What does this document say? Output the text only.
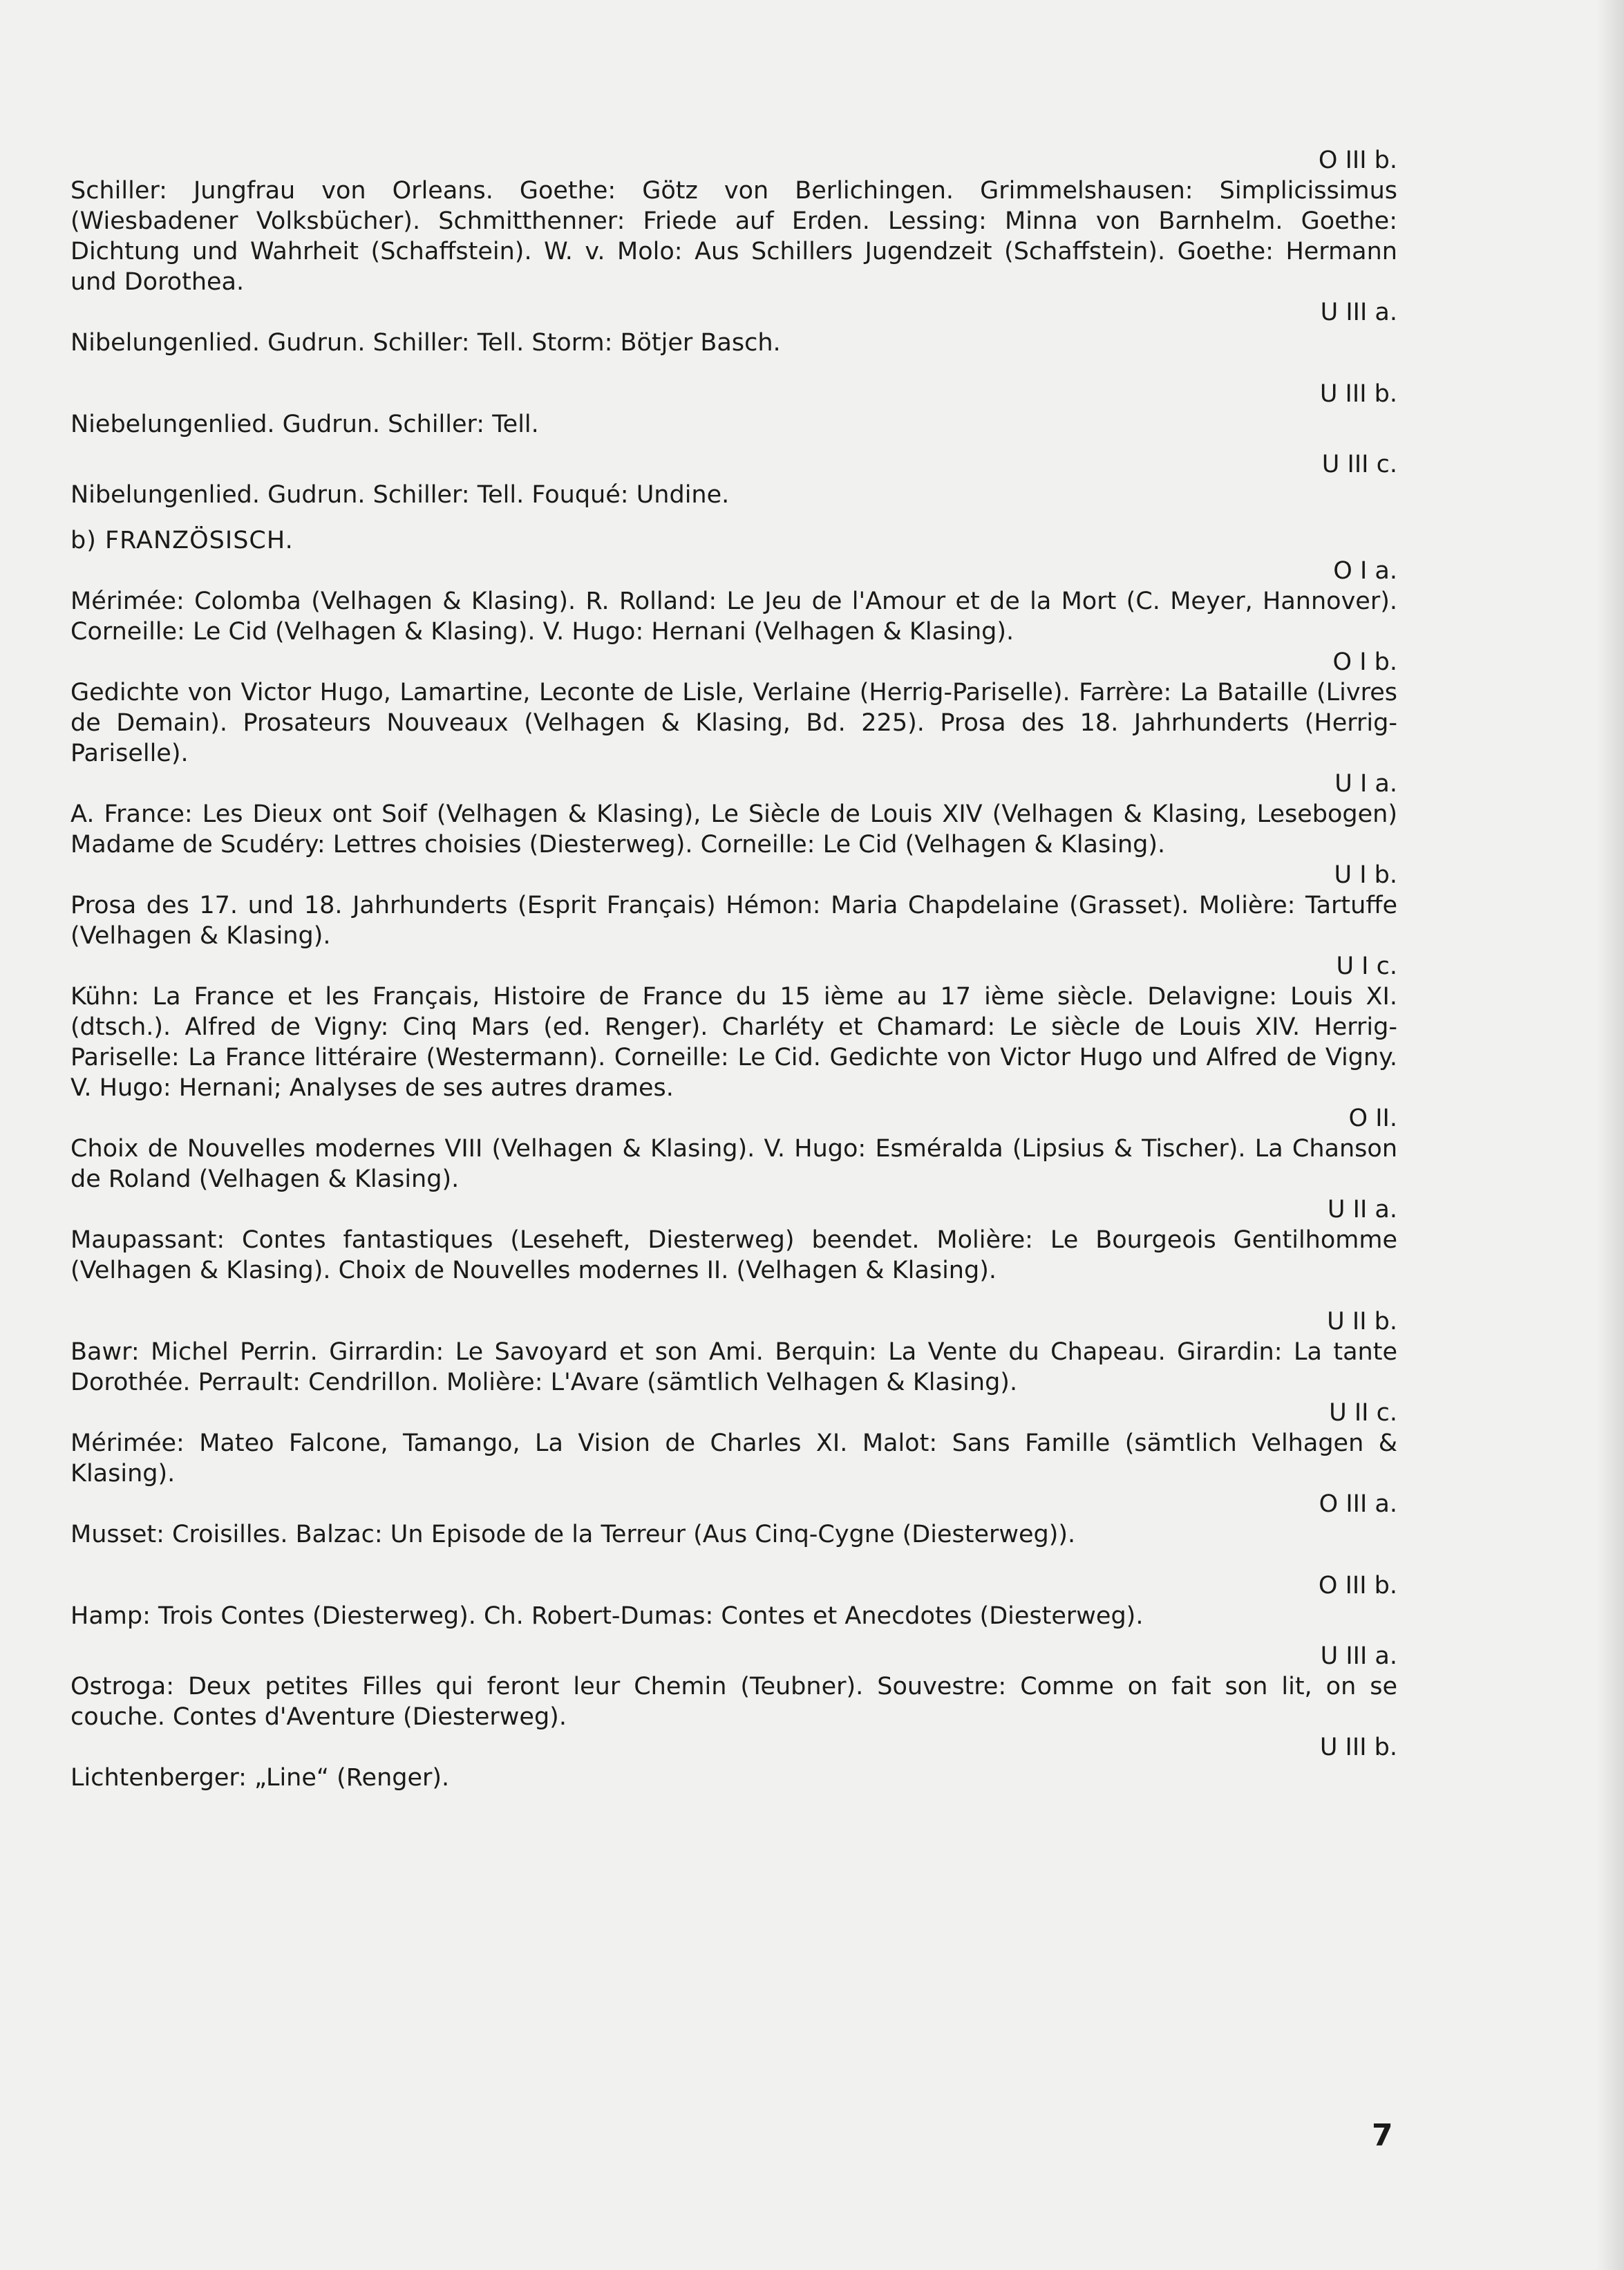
O III b.
Schiller: Jungfrau von Orleans. Goethe: Götz von Berlichingen. Grimmelshausen: Simplicissimus (Wiesbadener Volksbücher). Schmitthenner: Friede auf Erden. Lessing: Minna von Barnhelm. Goethe: Dichtung und Wahrheit (Schaffstein). W. v. Molo: Aus Schillers Jugendzeit (Schaffstein). Goethe: Hermann und Dorothea.
U III a.
Nibelungenlied. Gudrun. Schiller: Tell. Storm: Bötjer Basch.
U III b.
Niebelungenlied. Gudrun. Schiller: Tell.
U III c.
Nibelungenlied. Gudrun. Schiller: Tell. Fouqué: Undine.
b) FRANZÖSISCH.
O I a.
Mérimée: Colomba (Velhagen & Klasing). R. Rolland: Le Jeu de l'Amour et de la Mort (C. Meyer, Hannover). Corneille: Le Cid (Velhagen & Klasing). V. Hugo: Hernani (Velhagen & Klasing).
O I b.
Gedichte von Victor Hugo, Lamartine, Leconte de Lisle, Verlaine (Herrig-Pariselle). Farrère: La Bataille (Livres de Demain). Prosateurs Nouveaux (Velhagen & Klasing, Bd. 225). Prosa des 18. Jahrhunderts (Herrig-Pariselle).
U I a.
A. France: Les Dieux ont Soif (Velhagen & Klasing), Le Siècle de Louis XIV (Velhagen & Klasing, Lesebogen) Madame de Scudéry: Lettres choisies (Diesterweg). Corneille: Le Cid (Velhagen & Klasing).
U I b.
Prosa des 17. und 18. Jahrhunderts (Esprit Français) Hémon: Maria Chapdelaine (Grasset). Molière: Tartuffe (Velhagen & Klasing).
U I c.
Kühn: La France et les Français, Histoire de France du 15 ième au 17 ième siècle. Delavigne: Louis XI. (dtsch.). Alfred de Vigny: Cinq Mars (ed. Renger). Charléty et Chamard: Le siècle de Louis XIV. Herrig-Pariselle: La France littéraire (Westermann). Corneille: Le Cid. Gedichte von Victor Hugo und Alfred de Vigny. V. Hugo: Hernani; Analyses de ses autres drames.
O II.
Choix de Nouvelles modernes VIII (Velhagen & Klasing). V. Hugo: Esméralda (Lipsius & Tischer). La Chanson de Roland (Velhagen & Klasing).
U II a.
Maupassant: Contes fantastiques (Leseheft, Diesterweg) beendet. Molière: Le Bourgeois Gentilhomme (Velhagen & Klasing). Choix de Nouvelles modernes II. (Velhagen & Klasing).
U II b.
Bawr: Michel Perrin. Girrardin: Le Savoyard et son Ami. Berquin: La Vente du Chapeau. Girardin: La tante Dorothée. Perrault: Cendrillon. Molière: L'Avare (sämtlich Velhagen & Klasing).
U II c.
Mérimée: Mateo Falcone, Tamango, La Vision de Charles XI. Malot: Sans Famille (sämtlich Velhagen & Klasing).
O III a.
Musset: Croisilles. Balzac: Un Episode de la Terreur (Aus Cinq-Cygne (Diesterweg)).
O III b.
Hamp: Trois Contes (Diesterweg). Ch. Robert-Dumas: Contes et Anecdotes (Diesterweg).
U III a.
Ostroga: Deux petites Filles qui feront leur Chemin (Teubner). Souvestre: Comme on fait son lit, on se couche. Contes d'Aventure (Diesterweg).
U III b.
Lichtenberger: „Line“ (Renger).
7
